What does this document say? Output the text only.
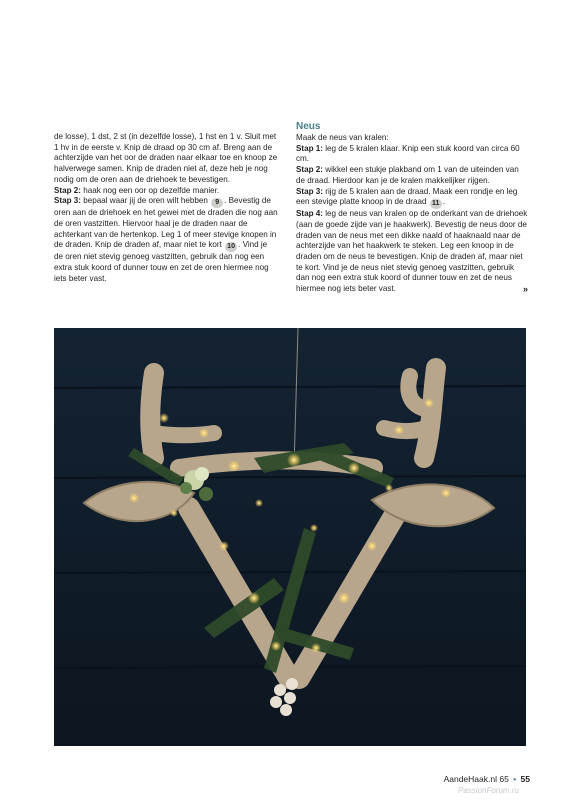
de losse), 1 dst, 2 st (in dezelfde losse), 1 hst en 1 v. Sluit met 1 hv in de eerste v. Knip de draad op 30 cm af. Breng aan de achterzijde van het oor de draden naar elkaar toe en knoop ze halverwege samen. Knip de draden niet af, deze heb je nog nodig om de oren aan de driehoek te bevestigen.

Stap 2: haak nog een oor op dezelfde manier.

Stap 3: bepaal waar jij de oren wilt hebben 9 . Bevestig de oren aan de driehoek en het gewei met de draden die nog aan de oren vastzitten. Hiervoor haal je de draden naar de achterkant van de hertenkop. Leg 1 of meer stevige knopen in de draden. Knip de draden af, maar niet te kort 10 . Vind je de oren niet stevig genoeg vastzitten, gebruik dan nog een extra stuk koord of dunner touw en zet de oren hiermee nog iets beter vast.

Neus

Maak de neus van kralen:

Stap 1: leg de 5 kralen klaar. Knip een stuk koord van circa 60 cm.

Stap 2: wikkel een stukje plakband om 1 van de uiteinden van de draad. Hierdoor kan je de kralen makkelijker rijgen.

Stap 3: rijg de 5 kralen aan de draad. Maak een rondje en leg een stevige platte knoop in de draad 11 .

Stap 4: leg de neus van kralen op de onderkant van de driehoek (aan de goede zijde van je haakwerk). Bevestig de neus door de draden van de neus met een dikke naald of haaknaald naar de achterzijde van het haakwerk te steken. Leg een knoop in de draden om de neus te bevestigen. Knip de draden af, maar niet te kort. Vind je de neus niet stevig genoeg vastzitten, gebruik dan nog een extra stuk koord of dunner touw en zet de neus hiermee nog iets beter vast.	»

AandeHaak.nl 65 • 55
PassionForum.ru
